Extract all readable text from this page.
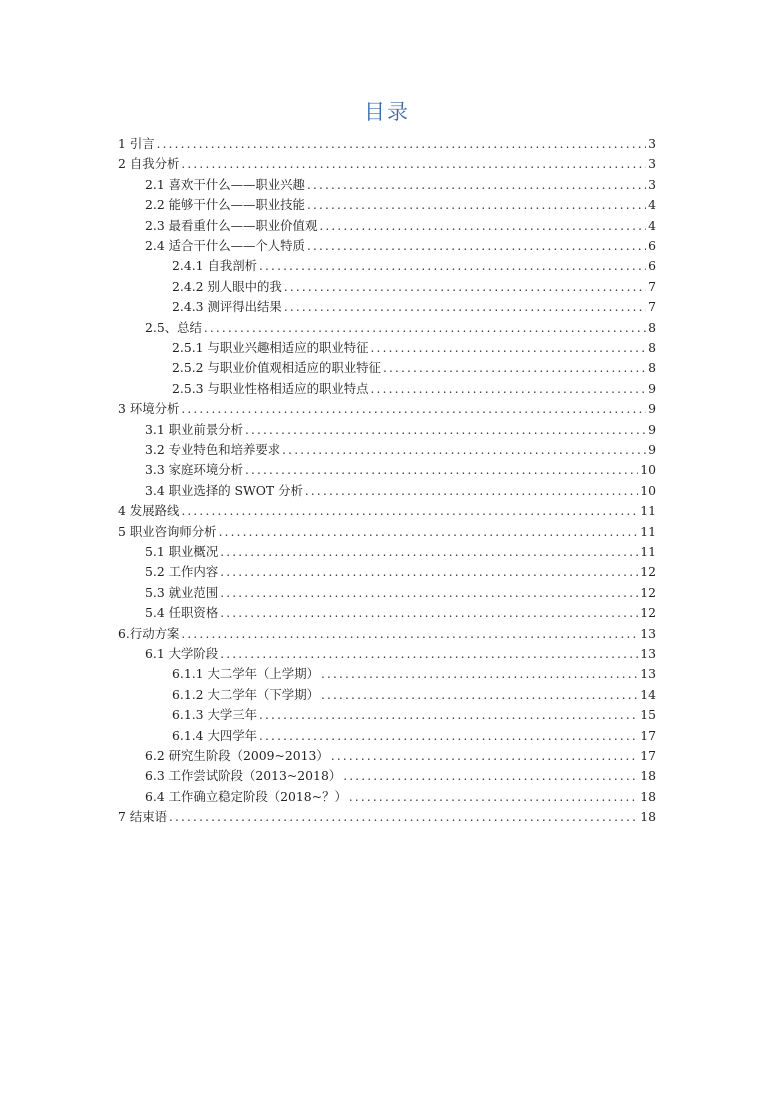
目录
1 引言 .....	3
2 自我分析 .....	3
2.1 喜欢干什么——职业兴趣 .....	3
2.2 能够干什么——职业技能 .....	4
2.3 最看重什么——职业价值观 .....	4
2.4 适合干什么——个人特质 .....	6
2.4.1 自我剖析 .....	6
2.4.2 别人眼中的我 .....	7
2.4.3 测评得出结果 .....	7
2.5、总结 .....	8
2.5.1 与职业兴趣相适应的职业特征 .....	8
2.5.2 与职业价值观相适应的职业特征 .....	8
2.5.3 与职业性格相适应的职业特点 .....	9
3 环境分析 .....	9
3.1 职业前景分析 .....	9
3.2 专业特色和培养要求 .....	9
3.3 家庭环境分析 .....	10
3.4 职业选择的 SWOT 分析 .....	10
4 发展路线 .....	11
5 职业咨询师分析 .....	11
5.1 职业概况 .....	11
5.2 工作内容 .....	12
5.3 就业范围 .....	12
5.4 任职资格 .....	12
6.行动方案 .....	13
6.1 大学阶段 .....	13
6.1.1 大二学年（上学期） .....	13
6.1.2 大二学年（下学期） .....	14
6.1.3 大学三年 .....	15
6.1.4 大四学年 .....	17
6.2 研究生阶段（2009~2013） .....	17
6.3 工作尝试阶段（2013~2018） .....	18
6.4 工作确立稳定阶段（2018~？） .....	18
7 结束语 .....	18
